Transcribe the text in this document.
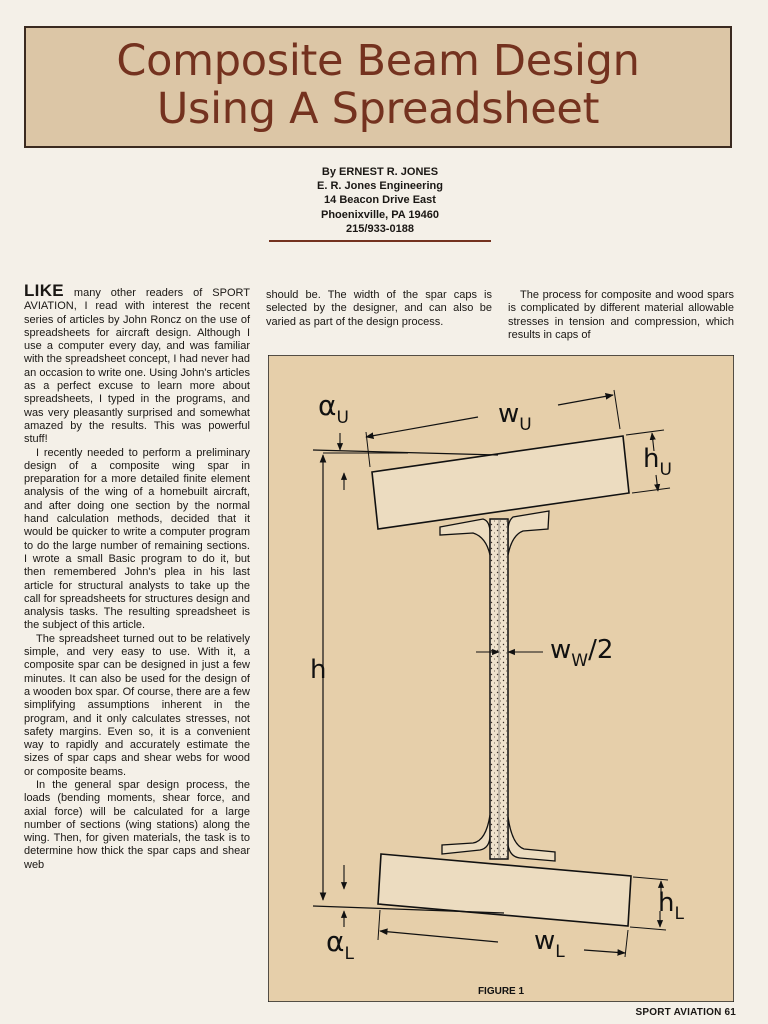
Composite Beam Design
Using A Spreadsheet
By ERNEST R. JONES
E. R. Jones Engineering
14 Beacon Drive East
Phoenixville, PA 19460
215/933-0188

LIKE many other readers of SPORT AVIATION, I read with interest the recent series of articles by John Roncz on the use of spreadsheets for aircraft design. Although I use a computer every day, and was familiar with the spreadsheet concept, I had never had an occasion to write one. Using John's articles as a perfect excuse to learn more about spreadsheets, I typed in the programs, and was very pleasantly surprised and somewhat amazed by the results. This was powerful stuff!

I recently needed to perform a preliminary design of a composite wing spar in preparation for a more detailed finite element analysis of the wing of a homebuilt aircraft, and after doing one section by the normal hand calculation methods, decided that it would be quicker to write a computer program to do the large number of remaining sections. I wrote a small Basic program to do it, but then remembered John's plea in his last article for structural analysts to take up the call for spreadsheets for structures design and analysis tasks. The resulting spreadsheet is the subject of this article.

The spreadsheet turned out to be relatively simple, and very easy to use. With it, a composite spar can be designed in just a few minutes. It can also be used for the design of a wooden box spar. Of course, there are a few simplifying assumptions inherent in the program, and it only calculates stresses, not safety margins. Even so, it is a convenient way to rapidly and accurately estimate the sizes of spar caps and shear webs for wood or composite beams.

In the general spar design process, the loads (bending moments, shear force, and axial force) will be calculated for a large number of sections (wing stations) along the wing. Then, for given materials, the task is to determine how thick the spar caps and shear web

should be. The width of the spar caps is selected by the designer, and can also be varied as part of the design process.

The process for composite and wood spars is complicated by different material allowable stresses in tension and compression, which results in caps of

$\alpha_U$	$w_U$
$h_U$
h
$w_W/2$
$h_L$
$\alpha_L$	$w_L$
FIGURE 1
SPORT AVIATION 61
